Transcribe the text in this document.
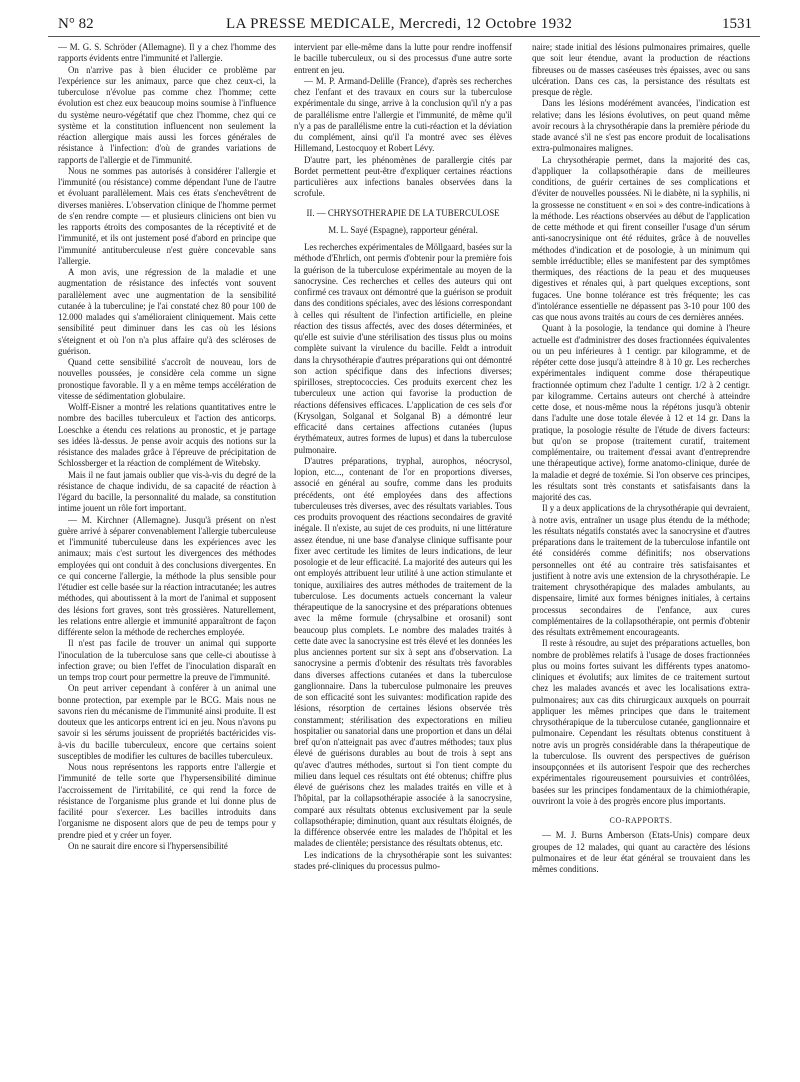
N° 82	LA PRESSE MEDICALE, Mercredi, 12 Octobre 1932	1531

— M. G. S. Schröder (Allemagne). Il y a chez l'homme des rapports évidents entre l'immunité et l'allergie.

On n'arrive pas à bien élucider ce problème par l'expérience sur les animaux, parce que chez ceux-ci, la tuberculose n'évolue pas comme chez l'homme; cette évolution est chez eux beaucoup moins soumise à l'influence du système neuro-végétatif que chez l'homme, chez qui ce système et la constitution influencent non seulement la réaction allergique mais aussi les forces générales de résistance à l'infection: d'où de grandes variations de rapports de l'allergie et de l'immunité.

Nous ne sommes pas autorisés à considérer l'allergie et l'immunité (ou résistance) comme dépendant l'une de l'autre et évoluant parallèlement. Mais ces états s'enchevêtrent de diverses manières. L'observation clinique de l'homme permet de s'en rendre compte — et plusieurs cliniciens ont bien vu les rapports étroits des composantes de la réceptivité et de l'immunité, et ils ont justement posé d'abord en principe que l'immunité antituberculeuse n'est guère concevable sans l'allergie.

A mon avis, une régression de la maladie et une augmentation de résistance des infectés vont souvent parallèlement avec une augmentation de la sensibilité cutanée à la tuberculine; je l'ai constaté chez 80 pour 100 de 12.000 malades qui s'amélioraient cliniquement. Mais cette sensibilité peut diminuer dans les cas où les lésions s'éteignent et où l'on n'a plus affaire qu'à des scléroses de guérison.

Quand cette sensibilité s'accroît de nouveau, lors de nouvelles poussées, je considère cela comme un signe pronostique favorable. Il y a en même temps accélération de vitesse de sédimentation globulaire.

Wolff-Eisner a montré les relations quantitatives entre le nombre des bacilles tuberculeux et l'action des anticorps. Loeschke a étendu ces relations au pronostic, et je partage ses idées là-dessus. Je pense avoir acquis des notions sur la résistance des malades grâce à l'épreuve de précipitation de Schlossberger et la réaction de complément de Witebsky.

Mais il ne faut jamais oublier que vis-à-vis du degré de la résistance de chaque individu, de sa capacité de réaction à l'égard du bacille, la personnalité du malade, sa constitution intime jouent un rôle fort important.

— M. Kirchner (Allemagne). Jusqu'à présent on n'est guère arrivé à séparer convenablement l'allergie tuberculeuse et l'immunité tuberculeuse dans les expériences avec les animaux; mais c'est surtout les divergences des méthodes employées qui ont conduit à des conclusions divergentes. En ce qui concerne l'allergie, la méthode la plus sensible pour l'étudier est celle basée sur la réaction intracutanée; les autres méthodes, qui aboutissent à la mort de l'animal et supposent des lésions fort graves, sont très grossières. Naturellement, les relations entre allergie et immunité apparaîtront de façon différente selon la méthode de recherches employée.

Il n'est pas facile de trouver un animal qui supporte l'inoculation de la tuberculose sans que celle-ci aboutisse à infection grave; ou bien l'effet de l'inoculation disparaît en un temps trop court pour permettre la preuve de l'immunité.

On peut arriver cependant à conférer à un animal une bonne protection, par exemple par le BCG. Mais nous ne savons rien du mécanisme de l'immunité ainsi produite. Il est douteux que les anticorps entrent ici en jeu. Nous n'avons pu savoir si les sérums jouissent de propriétés bactéricides vis-à-vis du bacille tuberculeux, encore que certains soient susceptibles de modifier les cultures de bacilles tuberculeux.

Nous nous représentons les rapports entre l'allergie et l'immunité de telle sorte que l'hypersensibilité diminue l'accroissement de l'irritabilité, ce qui rend la force de résistance de l'organisme plus grande et lui donne plus de facilité pour s'exercer. Les bacilles introduits dans l'organisme ne disposent alors que de peu de temps pour y prendre pied et y créer un foyer.

On ne saurait dire encore si l'hypersensibilité

intervient par elle-même dans la lutte pour rendre inoffensif le bacille tuberculeux, ou si des processus d'une autre sorte entrent en jeu.

— M. P. Armand-Delille (France), d'après ses recherches chez l'enfant et des travaux en cours sur la tuberculose expérimentale du singe, arrive à la conclusion qu'il n'y a pas de parallélisme entre l'allergie et l'immunité, de même qu'il n'y a pas de parallélisme entre la cuti-réaction et la déviation du complément, ainsi qu'il l'a montré avec ses élèves Hillemand, Lestocquoy et Robert Lévy.

D'autre part, les phénomènes de parallergie cités par Bordet permettent peut-être d'expliquer certaines réactions particulières aux infections banales observées dans la scrofule.

II. — CHRYSOTHERAPIE DE LA TUBERCULOSE

M. L. Sayé (Espagne), rapporteur général.

Les recherches expérimentales de Möllgaard, basées sur la méthode d'Ehrlich, ont permis d'obtenir pour la première fois la guérison de la tuberculose expérimentale au moyen de la sanocrysine. Ces recherches et celles des auteurs qui ont confirmé ces travaux ont démontré que la guérison se produit dans des conditions spéciales, avec des lésions correspondant à celles qui résultent de l'infection artificielle, en pleine réaction des tissus affectés, avec des doses déterminées, et qu'elle est suivie d'une stérilisation des tissus plus ou moins complète suivant la virulence du bacille. Feldt a introduit dans la chrysothérapie d'autres préparations qui ont démontré son action spécifique dans des infections diverses; spirilloses, streptococcies. Ces produits exercent chez les tuberculeux une action qui favorise la production de réactions défensives efficaces. L'application de ces sels d'or (Krysolgan, Solganal et Solganal B) a démontré leur efficacité dans certaines affections cutanées (lupus érythémateux, autres formes de lupus) et dans la tuberculose pulmonaire.

D'autres préparations, tryphal, aurophos, néocrysol, lopion, etc..., contenant de l'or en proportions diverses, associé en général au soufre, comme dans les produits précédents, ont été employées dans des affections tuberculeuses très diverses, avec des résultats variables. Tous ces produits provoquent des réactions secondaires de gravité inégale. Il n'existe, au sujet de ces produits, ni une littérature assez étendue, ni une base d'analyse clinique suffisante pour fixer avec certitude les limites de leurs indications, de leur posologie et de leur efficacité. La majorité des auteurs qui les ont employés attribuent leur utilité à une action stimulante et tonique, auxiliaires des autres méthodes de traitement de la tuberculose. Les documents actuels concernant la valeur thérapeutique de la sanocrysine et des préparations obtenues avec la même formule (chrysalbine et orosanil) sont beaucoup plus complets. Le nombre des malades traités à cette date avec la sanocrysine est très élevé et les données les plus anciennes portent sur six à sept ans d'observation. La sanocrysine a permis d'obtenir des résultats très favorables dans diverses affections cutanées et dans la tuberculose ganglionnaire. Dans la tuberculose pulmonaire les preuves de son efficacité sont les suivantes: modification rapide des lésions, résorption de certaines lésions observée très constamment; stérilisation des expectorations en milieu hospitalier ou sanatorial dans une proportion et dans un délai bref qu'on n'atteignait pas avec d'autres méthodes; taux plus élevé de guérisons durables au bout de trois à sept ans qu'avec d'autres méthodes, surtout si l'on tient compte du milieu dans lequel ces résultats ont été obtenus; chiffre plus élevé de guérisons chez les malades traités en ville et à l'hôpital, par la collapsothérapie associée à la sanocrysine, comparé aux résultats obtenus exclusivement par la seule collapsothérapie; diminution, quant aux résultats éloignés, de la différence observée entre les malades de l'hôpital et les malades de clientèle; persistance des résultats obtenus, etc.

Les indications de la chrysothérapie sont les suivantes: stades pré-cliniques du processus pulmo-

naire; stade initial des lésions pulmonaires primaires, quelle que soit leur étendue, avant la production de réactions fibreuses ou de masses caséeuses très épaisses, avec ou sans ulcération. Dans ces cas, la persistance des résultats est presque de règle.

Dans les lésions modérément avancées, l'indication est relative; dans les lésions évolutives, on peut quand même avoir recours à la chrysothérapie dans la première période du stade avancé s'il ne s'est pas encore produit de localisations extra-pulmonaires malignes.

La chrysothérapie permet, dans la majorité des cas, d'appliquer la collapsothérapie dans de meilleures conditions, de guérir certaines de ses complications et d'éviter de nouvelles poussées. Ni le diabète, ni la syphilis, ni la grossesse ne constituent « en soi » des contre-indications à la méthode. Les réactions observées au début de l'application de cette méthode et qui firent conseiller l'usage d'un sérum anti-sanocrysinique ont été réduites, grâce à de nouvelles méthodes d'indication et de posologie, à un minimum qui semble irréductible; elles se manifestent par des symptômes thermiques, des réactions de la peau et des muqueuses digestives et rénales qui, à part quelques exceptions, sont fugaces. Une bonne tolérance est très fréquente; les cas d'intolérance essentielle ne dépassent pas 3-10 pour 100 des cas que nous avons traités au cours de ces dernières années.

Quant à la posologie, la tendance qui domine à l'heure actuelle est d'administrer des doses fractionnées équivalentes ou un peu inférieures à 1 centigr. par kilogramme, et de répéter cette dose jusqu'à atteindre 8 à 10 gr. Les recherches expérimentales indiquent comme dose thérapeutique fractionnée optimum chez l'adulte 1 centigr. 1/2 à 2 centigr. par kilogramme. Certains auteurs ont cherché à atteindre cette dose, et nous-même nous la répétons jusqu'à obtenir dans l'adulte une dose totale élevée à 12 et 14 gr. Dans la pratique, la posologie résulte de l'étude de divers facteurs: but qu'on se propose (traitement curatif, traitement complémentaire, ou traitement d'essai avant d'entreprendre une thérapeutique active), forme anatomo-clinique, durée de la maladie et degré de toxémie. Si l'on observe ces principes, les résultats sont très constants et satisfaisants dans la majorité des cas.

Il y a deux applications de la chrysothérapie qui devraient, à notre avis, entraîner un usage plus étendu de la méthode; les résultats négatifs constatés avec la sanocrysine et d'autres préparations dans le traitement de la tuberculose infantile ont été considérés comme définitifs; nos observations personnelles ont été au contraire très satisfaisantes et justifient à notre avis une extension de la chrysothérapie. Le traitement chrysothérapique des malades ambulants, au dispensaire, limité aux formes bénignes initiales, à certains processus secondaires de l'enfance, aux cures complémentaires de la collapsothérapie, ont permis d'obtenir des résultats extrêmement encourageants.

Il reste à résoudre, au sujet des préparations actuelles, bon nombre de problèmes relatifs à l'usage de doses fractionnées plus ou moins fortes suivant les différents types anatomo-cliniques et évolutifs; aux limites de ce traitement surtout chez les malades avancés et avec les localisations extra-pulmonaires; aux cas dits chirurgicaux auxquels on pourrait appliquer les mêmes principes que dans le traitement chrysothérapique de la tuberculose cutanée, ganglionnaire et pulmonaire. Cependant les résultats obtenus constituent à notre avis un progrès considérable dans la thérapeutique de la tuberculose. Ils ouvrent des perspectives de guérison insoupçonnées et ils autorisent l'espoir que des recherches expérimentales rigoureusement poursuivies et contrôlées, basées sur les principes fondamentaux de la chimiothérapie, ouvriront la voie à des progrès encore plus importants.

CO-RAPPORTS.

— M. J. Burns Amberson (Etats-Unis) compare deux groupes de 12 malades, qui quant au caractère des lésions pulmonaires et de leur état général se trouvaient dans les mêmes conditions.
